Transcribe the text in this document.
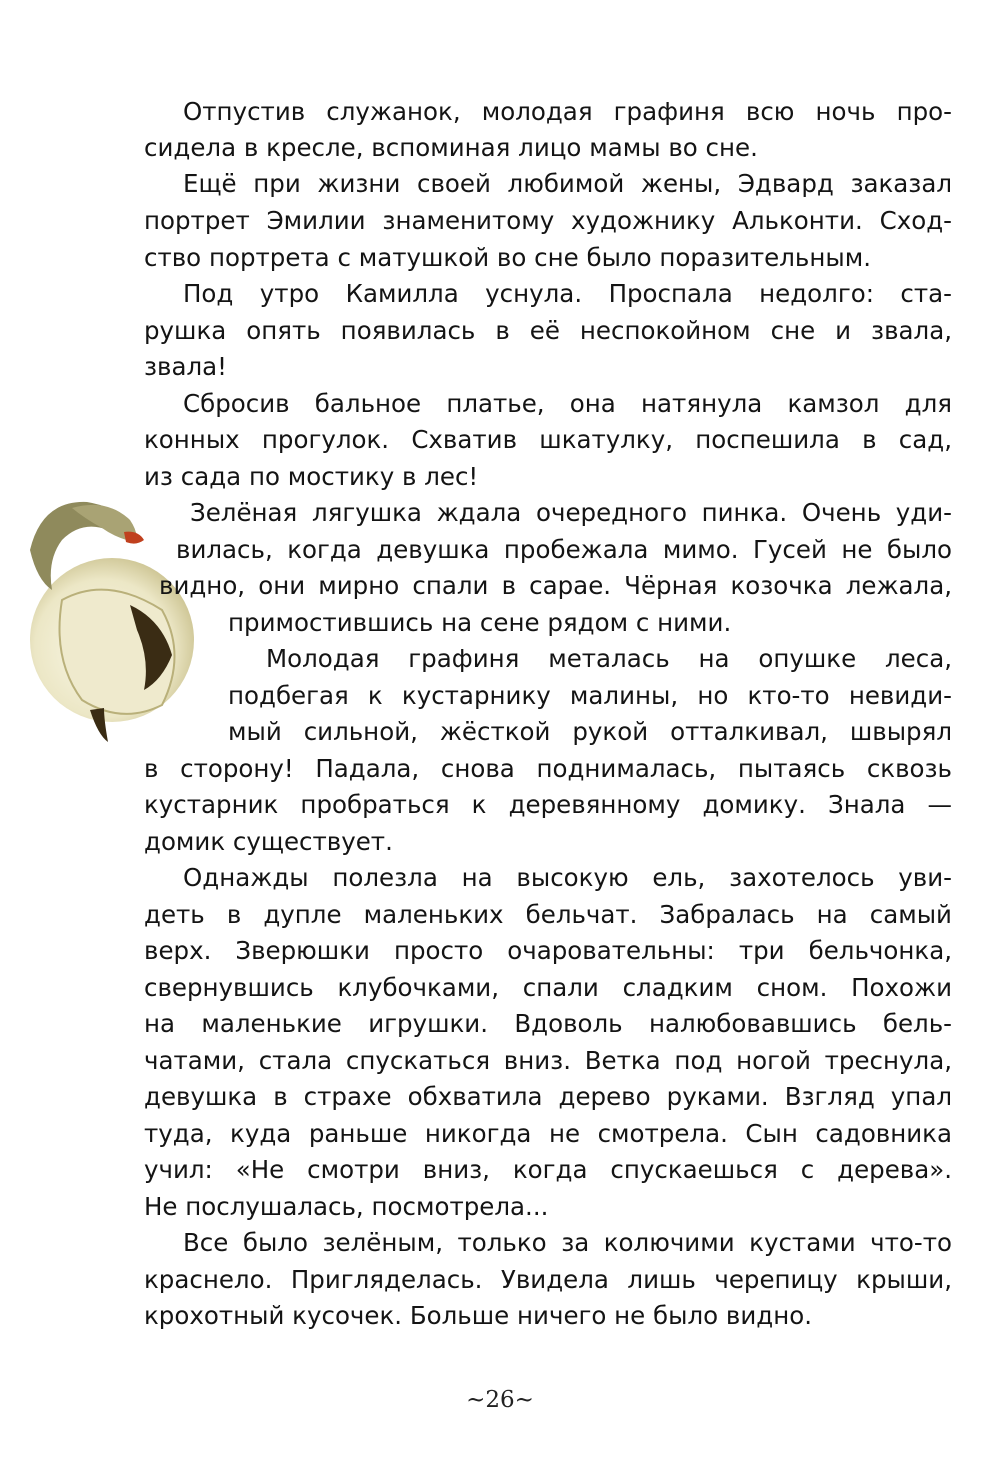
Отпустив служанок, молодая графиня всю ночь про-
сидела в кресле, вспоминая лицо мамы во сне.
Ещё при жизни своей любимой жены, Эдвард заказал
портрет Эмилии знаменитому художнику Альконти. Сход-
ство портрета с матушкой во сне было поразительным.
Под утро Камилла уснула. Проспала недолго: ста-
рушка опять появилась в её неспокойном сне и звала,
звала!
Сбросив бальное платье, она натянула камзол для
конных прогулок. Схватив шкатулку, поспешила в сад,
из сада по мостику в лес!
Зелёная лягушка ждала очередного пинка. Очень уди-
вилась, когда девушка пробежала мимо. Гусей не было
видно, они мирно спали в сарае. Чёрная козочка лежала,
примостившись на сене рядом с ними.
Молодая графиня металась на опушке леса,
подбегая к кустарнику малины, но кто-то невиди-
мый сильной, жёсткой рукой отталкивал, швырял
в сторону! Падала, снова поднималась, пытаясь сквозь
кустарник пробраться к деревянному домику. Знала —
домик существует.
Однажды полезла на высокую ель, захотелось уви-
деть в дупле маленьких бельчат. Забралась на самый
верх. Зверюшки просто очаровательны: три бельчонка,
свернувшись клубочками, спали сладким сном. Похожи
на маленькие игрушки. Вдоволь налюбовавшись бель-
чатами, стала спускаться вниз. Ветка под ногой треснула,
девушка в страхе обхватила дерево руками. Взгляд упал
туда, куда раньше никогда не смотрела. Сын садовника
учил: «Не смотри вниз, когда спускаешься с дерева».
Не послушалась, посмотрела...
Все было зелёным, только за колючими кустами что-то
краснело. Пригляделась. Увидела лишь черепицу крыши,
крохотный кусочек. Больше ничего не было видно.
~26~
